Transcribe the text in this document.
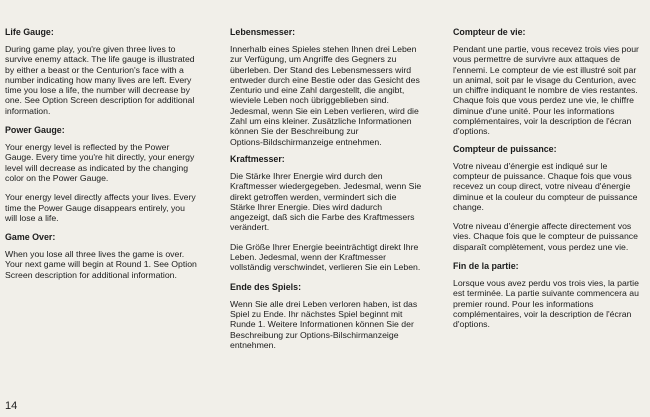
Life Gauge:

During game play, you're given three lives to
survive enemy attack. The life gauge is illustrated
by either a beast or the Centurion's face with a
number indicating how many lives are left. Every
time you lose a life, the number will decrease by
one. See Option Screen description for additional
information.

Power Gauge:

Your energy level is reflected by the Power
Gauge. Every time you're hit directly, your energy
level will decrease as indicated by the changing
color on the Power Gauge.

Your energy level directly affects your lives. Every
time the Power Gauge disappears entirely, you
will lose a life.

Game Over:

When you lose all three lives the game is over.
Your next game will begin at Round 1. See Option
Screen description for additional information.

Lebensmesser:

Innerhalb eines Spieles stehen Ihnen drei Leben
zur Verfügung, um Angriffe des Gegners zu
überleben. Der Stand des Lebensmessers wird
entweder durch eine Bestie oder das Gesicht des
Zenturio und eine Zahl dargestellt, die angibt,
wieviele Leben noch übriggeblieben sind.
Jedesmal, wenn Sie ein Leben verlieren, wird die
Zahl um eins kleiner. Zusätzliche Informationen
können Sie der Beschreibung zur
Options-Bildschirmanzeige entnehmen.

Kraftmesser:

Die Stärke Ihrer Energie wird durch den
Kraftmesser wiedergegeben. Jedesmal, wenn Sie
direkt getroffen werden, vermindert sich die
Stärke Ihrer Energie. Dies wird dadurch
angezeigt, daß sich die Farbe des Kraftmessers
verändert.

Die Größe Ihrer Energie beeinträchtigt direkt Ihre
Leben. Jedesmal, wenn der Kraftmesser
vollständig verschwindet, verlieren Sie ein Leben.

Ende des Spiels:

Wenn Sie alle drei Leben verloren haben, ist das
Spiel zu Ende. Ihr nächstes Spiel beginnt mit
Runde 1. Weitere Informationen können Sie der
Beschreibung zur Options-Bilschirmanzeige
entnehmen.

Compteur de vie:

Pendant une partie, vous recevez trois vies pour
vous permettre de survivre aux attaques de
l'ennemi. Le compteur de vie est illustré soit par
un animal, soit par le visage du Centurion, avec
un chiffre indiquant le nombre de vies restantes.
Chaque fois que vous perdez une vie, le chiffre
diminue d'une unité. Pour les informations
complémentaires, voir la description de l'écran
d'options.

Compteur de puissance:

Votre niveau d'énergie est indiqué sur le
compteur de puissance. Chaque fois que vous
recevez un coup direct, votre niveau d'énergie
diminue et la couleur du compteur de puissance
change.

Votre niveau d'énergie affecte directement vos
vies. Chaque fois que le compteur de puissance
disparaît complètement, vous perdez une vie.

Fin de la partie:

Lorsque vous avez perdu vos trois vies, la partie
est terminée. La partie suivante commencera au
premier round. Pour les informations
complémentaires, voir la description de l'écran
d'options.

14
